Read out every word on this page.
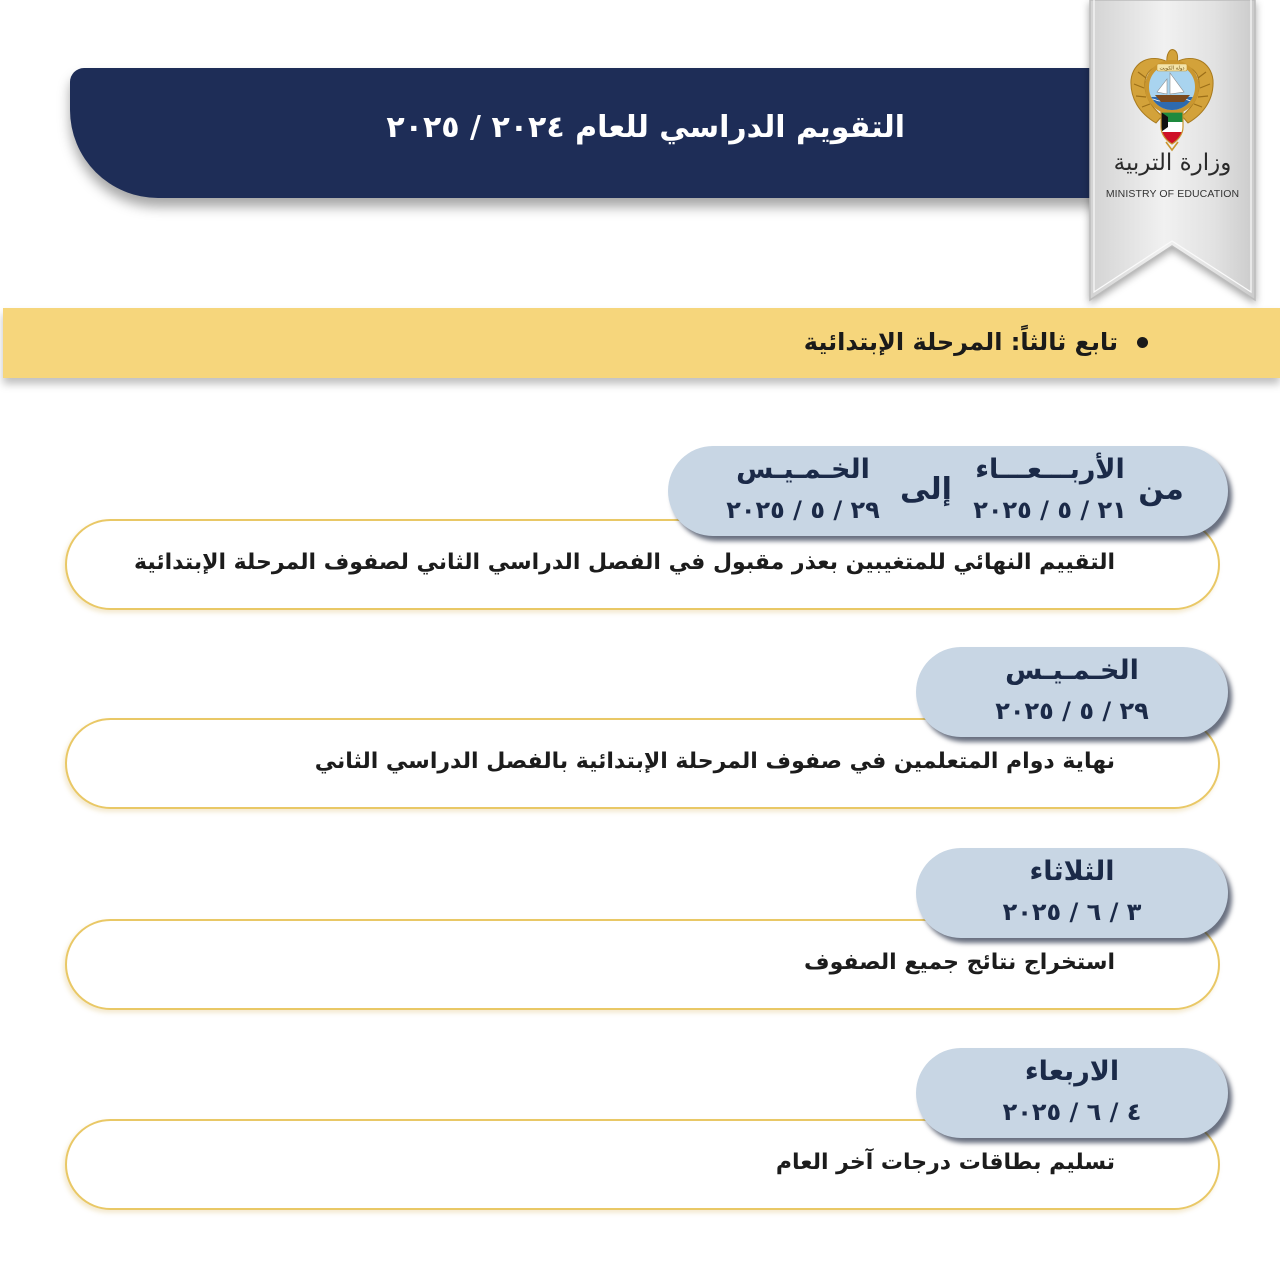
التقويم الدراسي للعام ٢٠٢٤ / ٢٠٢٥
دولة الكويت
وزارة التربية
MINISTRY OF EDUCATION
تابع ثالثاً: المرحلة الإبتدائية
التقييم النهائي للمتغيبين بعذر مقبول في الفصل الدراسي الثاني لصفوف المرحلة الإبتدائية
من
الأربـــعـــاء
٢١ / ٥ / ٢٠٢٥
إلى
الخـمـيـس
٢٩ / ٥ / ٢٠٢٥
نهاية دوام المتعلمين في صفوف المرحلة الإبتدائية بالفصل الدراسي الثاني
الخـمـيـس
٢٩ / ٥ / ٢٠٢٥
استخراج نتائج جميع الصفوف
الثلاثاء
٣ / ٦ / ٢٠٢٥
تسليم بطاقات درجات آخر العام
الاربعاء
٤ / ٦ / ٢٠٢٥
